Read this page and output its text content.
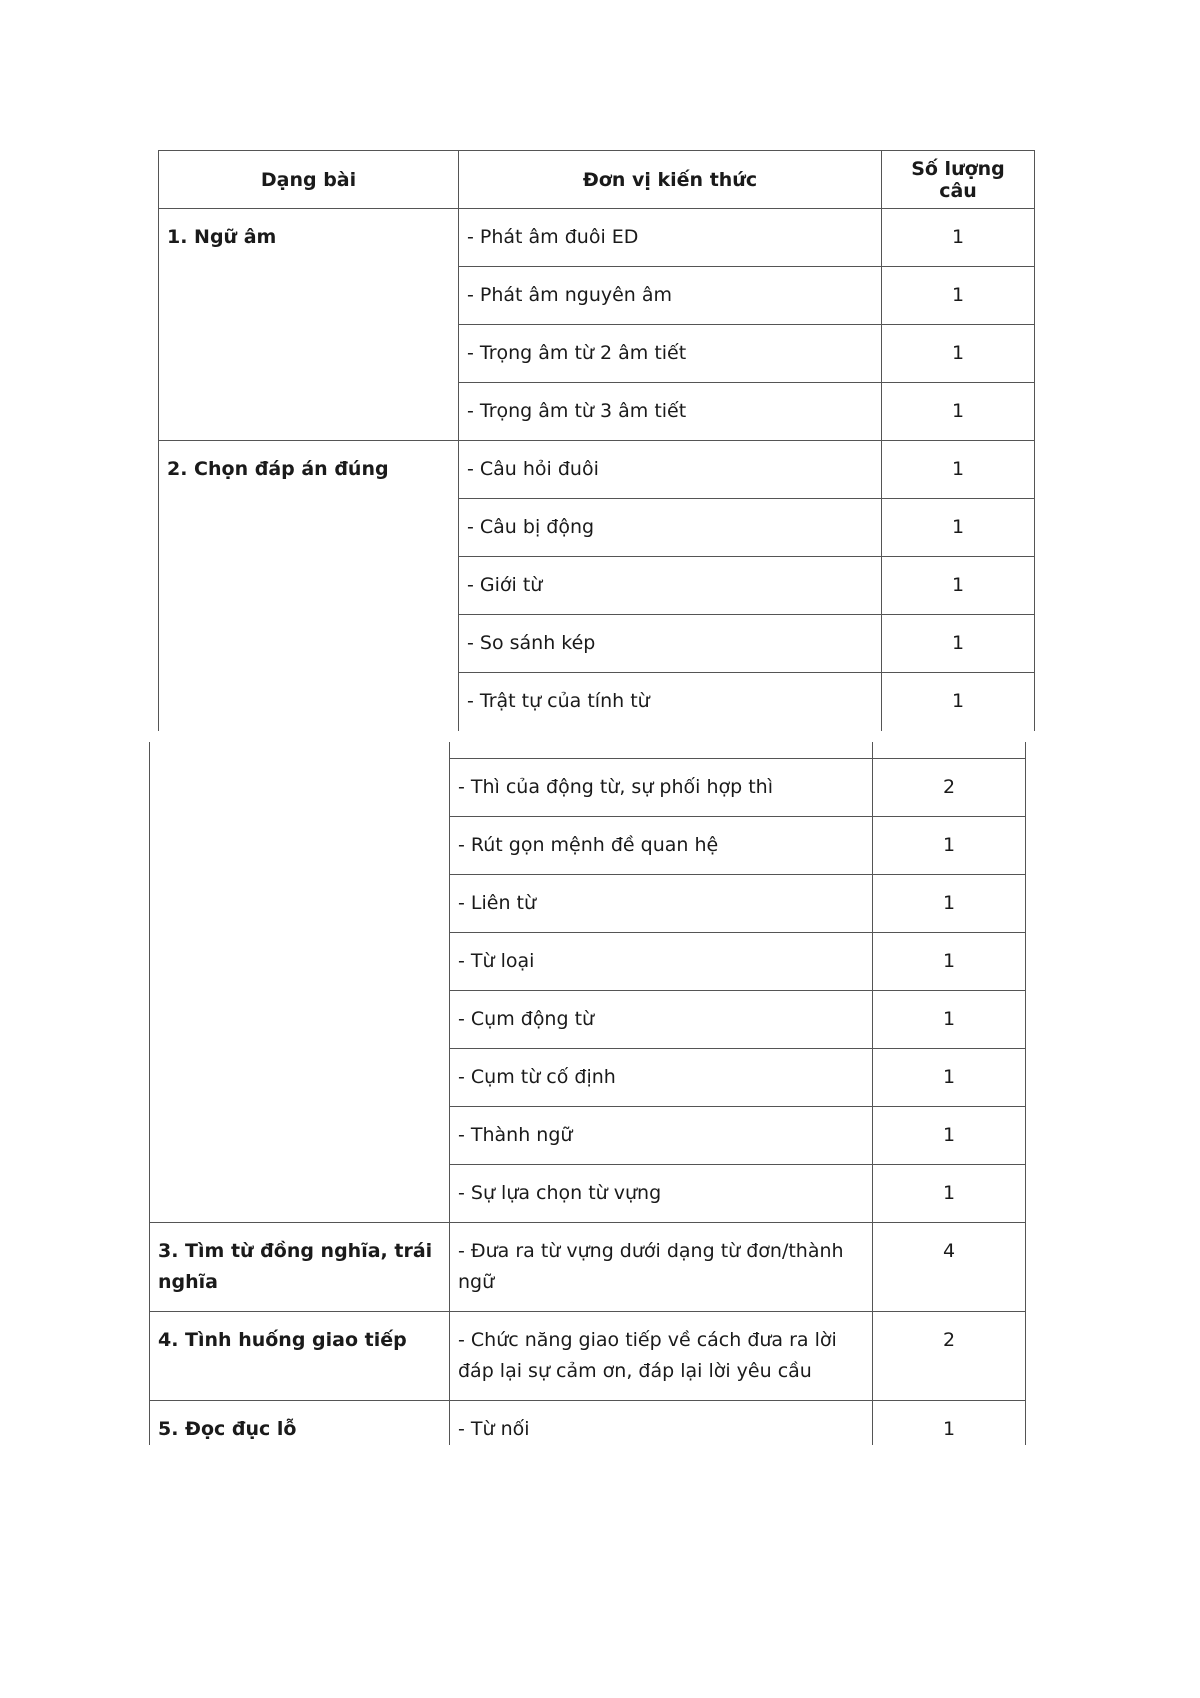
Dạng bài	Đơn vị kiến thức	Số lượng câu
1. Ngữ âm	- Phát âm đuôi ED	1
	- Phát âm nguyên âm	1
	- Trọng âm từ 2 âm tiết	1
	- Trọng âm từ 3 âm tiết	1
2. Chọn đáp án đúng	- Câu hỏi đuôi	1
	- Câu bị động	1
	- Giới từ	1
	- So sánh kép	1
	- Trật tự của tính từ	1

	- Thì của động từ, sự phối hợp thì	2
	- Rút gọn mệnh đề quan hệ	1
	- Liên từ	1
	- Từ loại	1
	- Cụm động từ	1
	- Cụm từ cố định	1
	- Thành ngữ	1
	- Sự lựa chọn từ vựng	1
3. Tìm từ đồng nghĩa, trái nghĩa	- Đưa ra từ vựng dưới dạng từ đơn/thành ngữ	4
4. Tình huống giao tiếp	- Chức năng giao tiếp về cách đưa ra lời đáp lại sự cảm ơn, đáp lại lời yêu cầu	2
5. Đọc đục lỗ	- Từ nối	1
